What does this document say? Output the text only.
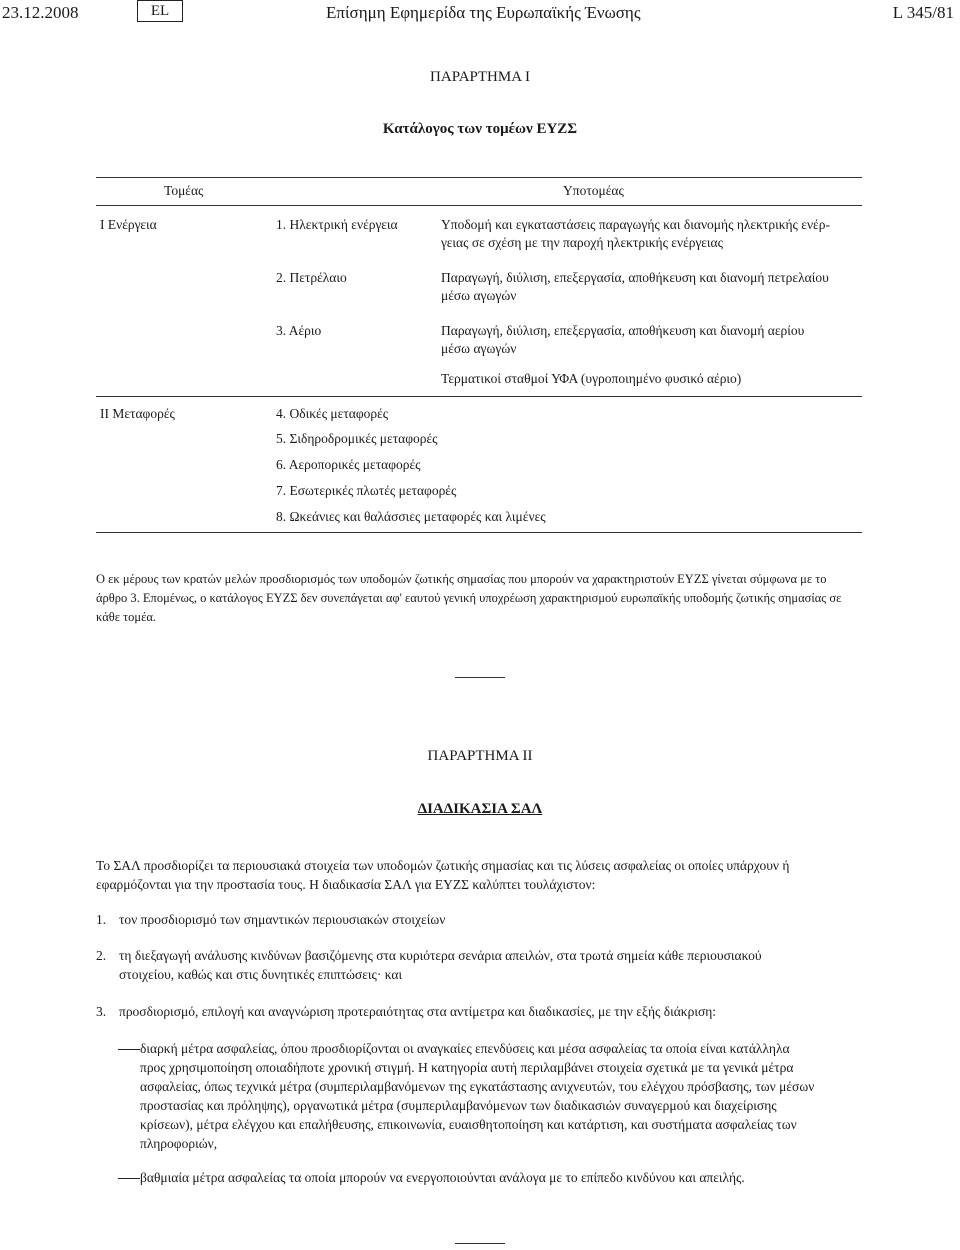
23.12.2008	EL	Επίσημη Εφημερίδα της Ευρωπαϊκής Ένωσης	L 345/81
ΠΑΡΑΡΤΗΜΑ I
Κατάλογος των τομέων ΕΥΖΣ
Τομέας	Υποτομέας
I Ενέργεια	1. Ηλεκτρική ενέργεια	Υποδομή και εγκαταστάσεις παραγωγής και διανομής ηλεκτρικής ενέρ-
γειας σε σχέση με την παροχή ηλεκτρικής ενέργειας
2. Πετρέλαιο	Παραγωγή, διύλιση, επεξεργασία, αποθήκευση και διανομή πετρελαίου
μέσω αγωγών
3. Αέριο	Παραγωγή, διύλιση, επεξεργασία, αποθήκευση και διανομή αερίου
μέσω αγωγών
Τερματικοί σταθμοί ΥΦΑ (υγροποιημένο φυσικό αέριο)
II Μεταφορές	4. Οδικές μεταφορές
5. Σιδηροδρομικές μεταφορές
6. Αεροπορικές μεταφορές
7. Εσωτερικές πλωτές μεταφορές
8. Ωκεάνιες και θαλάσσιες μεταφορές και λιμένες
Ο εκ μέρους των κρατών μελών προσδιορισμός των υποδομών ζωτικής σημασίας που μπορούν να χαρακτηριστούν ΕΥΖΣ γίνεται σύμφωνα με το
άρθρο 3. Επομένως, ο κατάλογος ΕΥΖΣ δεν συνεπάγεται αφ' εαυτού γενική υποχρέωση χαρακτηρισμού ευρωπαϊκής υποδομής ζωτικής σημασίας σε
κάθε τομέα.
ΠΑΡΑΡΤΗΜΑ II
ΔΙΑΔΙΚΑΣΙΑ ΣΑΛ
Το ΣΑΛ προσδιορίζει τα περιουσιακά στοιχεία των υποδομών ζωτικής σημασίας και τις λύσεις ασφαλείας οι οποίες υπάρχουν ή
εφαρμόζονται για την προστασία τους. Η διαδικασία ΣΑΛ για ΕΥΖΣ καλύπτει τουλάχιστον:
1. τον προσδιορισμό των σημαντικών περιουσιακών στοιχείων
2. τη διεξαγωγή ανάλυσης κινδύνων βασιζόμενης στα κυριότερα σενάρια απειλών, στα τρωτά σημεία κάθε περιουσιακού
στοιχείου, καθώς και στις δυνητικές επιπτώσεις· και
3. προσδιορισμό, επιλογή και αναγνώριση προτεραιότητας στα αντίμετρα και διαδικασίες, με την εξής διάκριση:
διαρκή μέτρα ασφαλείας, όπου προσδιορίζονται οι αναγκαίες επενδύσεις και μέσα ασφαλείας τα οποία είναι κατάλληλα
προς χρησιμοποίηση οποιαδήποτε χρονική στιγμή. Η κατηγορία αυτή περιλαμβάνει στοιχεία σχετικά με τα γενικά μέτρα
ασφαλείας, όπως τεχνικά μέτρα (συμπεριλαμβανόμενων της εγκατάστασης ανιχνευτών, του ελέγχου πρόσβασης, των μέσων
προστασίας και πρόληψης), οργανωτικά μέτρα (συμπεριλαμβανόμενων των διαδικασιών συναγερμού και διαχείρισης
κρίσεων), μέτρα ελέγχου και επαλήθευσης, επικοινωνία, ευαισθητοποίηση και κατάρτιση, και συστήματα ασφαλείας των
πληροφοριών,
βαθμιαία μέτρα ασφαλείας τα οποία μπορούν να ενεργοποιούνται ανάλογα με το επίπεδο κινδύνου και απειλής.
